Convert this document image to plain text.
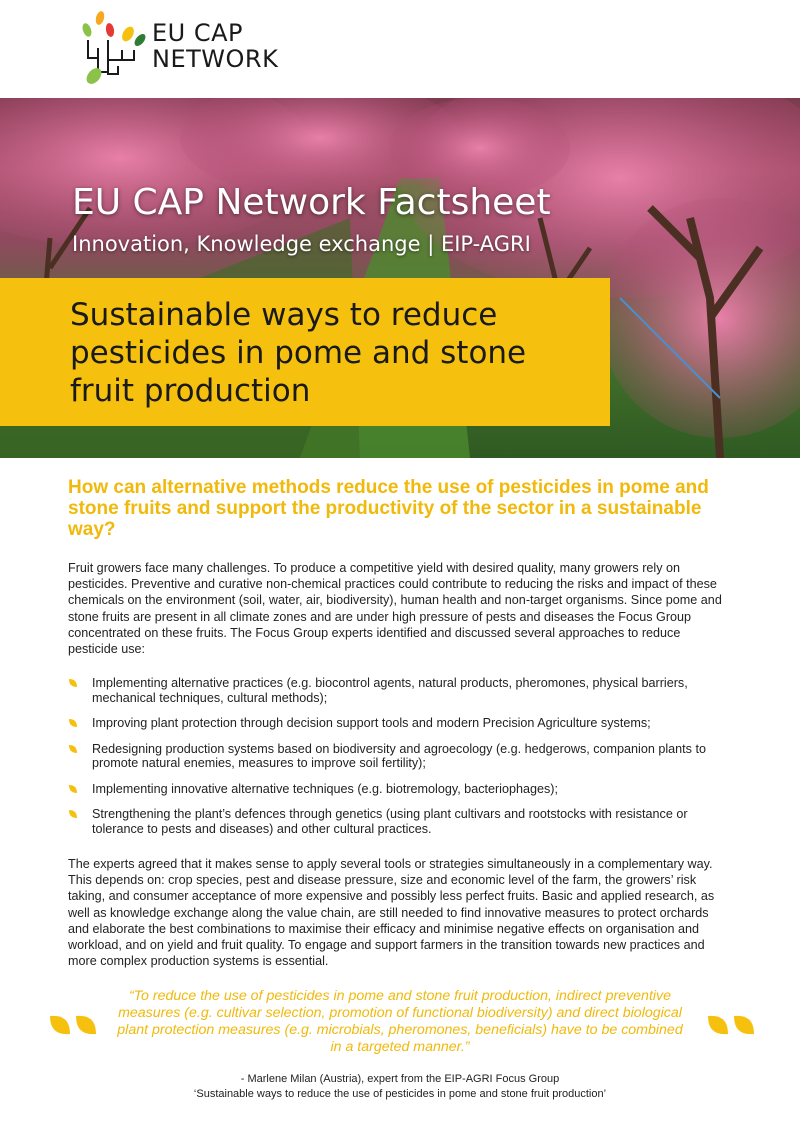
EU CAP
NETWORK
EU CAP Network Factsheet
Innovation, Knowledge exchange | EIP-AGRI
Sustainable ways to reduce pesticides in pome and stone fruit production

How can alternative methods reduce the use of pesticides in pome and stone fruits and support the productivity of the sector in a sustainable way?

Fruit growers face many challenges. To produce a competitive yield with desired quality, many growers rely on pesticides. Preventive and curative non-chemical practices could contribute to reducing the risks and impact of these chemicals on the environment (soil, water, air, biodiversity), human health and non-target organisms. Since pome and stone fruits are present in all climate zones and are under high pressure of pests and diseases the Focus Group concentrated on these fruits. The Focus Group experts identified and discussed several approaches to reduce pesticide use:

Implementing alternative practices (e.g. biocontrol agents, natural products, pheromones, physical barriers, mechanical techniques, cultural methods);
Improving plant protection through decision support tools and modern Precision Agriculture systems;
Redesigning production systems based on biodiversity and agroecology (e.g. hedgerows, companion plants to promote natural enemies, measures to improve soil fertility);
Implementing innovative alternative techniques (e.g. biotremology, bacteriophages);
Strengthening the plant’s defences through genetics (using plant cultivars and rootstocks with resistance or tolerance to pests and diseases) and other cultural practices.

The experts agreed that it makes sense to apply several tools or strategies simultaneously in a complementary way. This depends on: crop species, pest and disease pressure, size and economic level of the farm, the growers’ risk taking, and consumer acceptance of more expensive and possibly less perfect fruits. Basic and applied research, as well as knowledge exchange along the value chain, are still needed to find innovative measures to protect orchards and elaborate the best combinations to maximise their efficacy and minimise negative effects on organisation and workload, and on yield and fruit quality. To engage and support farmers in the transition towards new practices and more complex production systems is essential.

“To reduce the use of pesticides in pome and stone fruit production, indirect preventive measures (e.g. cultivar selection, promotion of functional biodiversity) and direct biological plant protection measures (e.g. microbials, pheromones, beneficials) have to be combined in a targeted manner.”

- Marlene Milan (Austria), expert from the EIP-AGRI Focus Group
‘Sustainable ways to reduce the use of pesticides in pome and stone fruit production’
